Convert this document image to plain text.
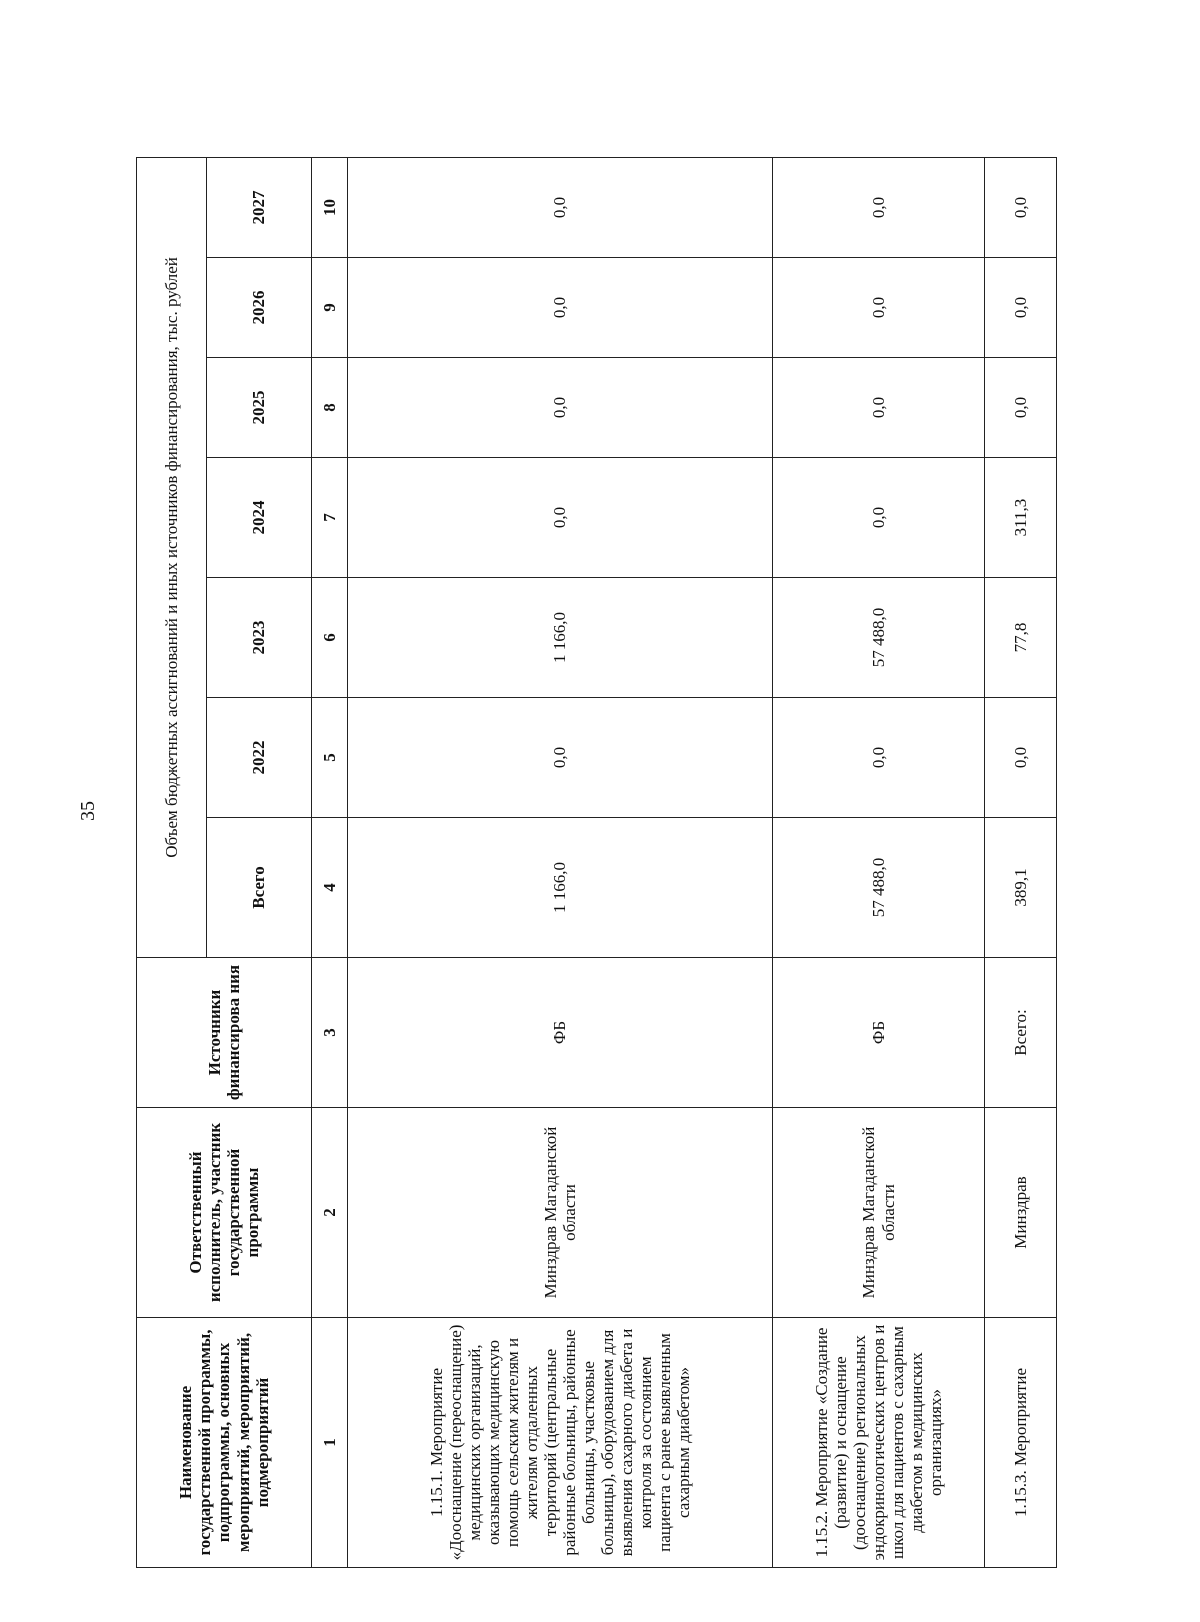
35
Наименование государственной программы, подпрограммы, основных мероприятий, мероприятий, подмероприятий	Ответственный исполнитель, участник государственной программы	Источники финансирова ния	Объем бюджетных ассигнований и иных источников финансирования, тыс. рублей						
			Всего	2022	2023	2024	2025	2026	2027
1	2	3	4	5	6	7	8	9	10
1.15.1. Мероприятие «Дооснащение (переоснащение) медицинских организаций, оказывающих медицинскую помощь сельским жителям и жителям отдаленных территорий (центральные районные больницы, районные больницы, участковые больницы), оборудованием для выявления сахарного диабета и контроля за состоянием пациента с ранее выявленным сахарным диабетом»	Минздрав Магаданской области	ФБ	1 166,0	0,0	1 166,0	0,0	0,0	0,0	0,0
1.15.2. Мероприятие «Создание (развитие) и оснащение (дооснащение) региональных эндокринологических центров и школ для пациентов с сахарным диабетом в медицинских организациях»	Минздрав Магаданской области	ФБ	57 488,0	0,0	57 488,0	0,0	0,0	0,0	0,0
1.15.3. Мероприятие	Минздрав	Всего:	389,1	0,0	77,8	311,3	0,0	0,0	0,0
